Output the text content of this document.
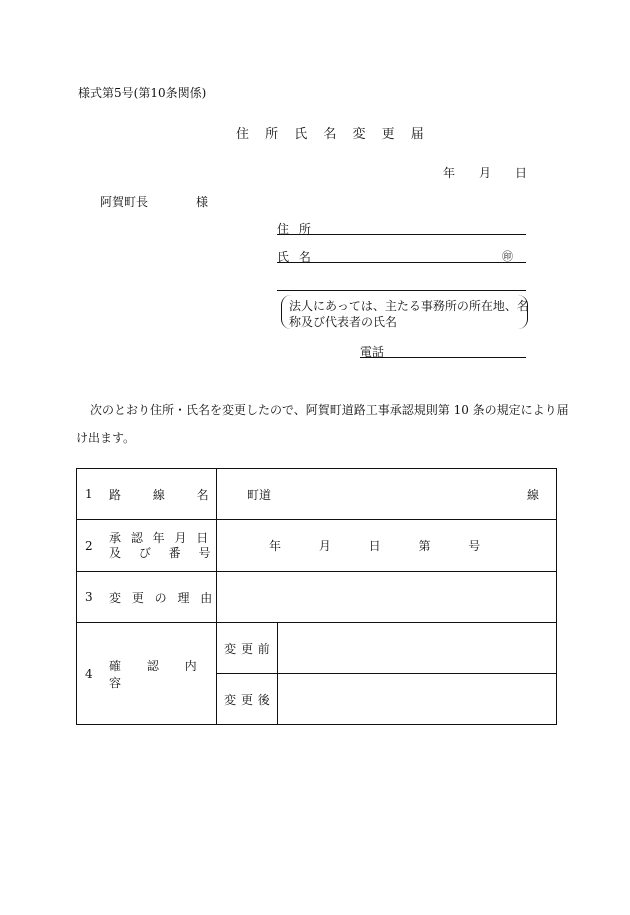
様式第5号(第10条関係)
住 所 氏 名 変 更 届
年 月 日
阿賀町長	様
住 所
氏 名	㊞
法人にあっては、主たる事務所の所在地、名
称及び代表者の氏名
電話
次のとおり住所・氏名を変更したので、阿賀町道路工事承認規則第 10 条の規定により届
け出ます。
1 路 線 名	町道 線	

2
承 認 年 月 日
及 び 番 号	年 月 日 第 号	

3 変 更 の 理 由		

4
確 認 内 容	変 更 前	

	変 更 後	
